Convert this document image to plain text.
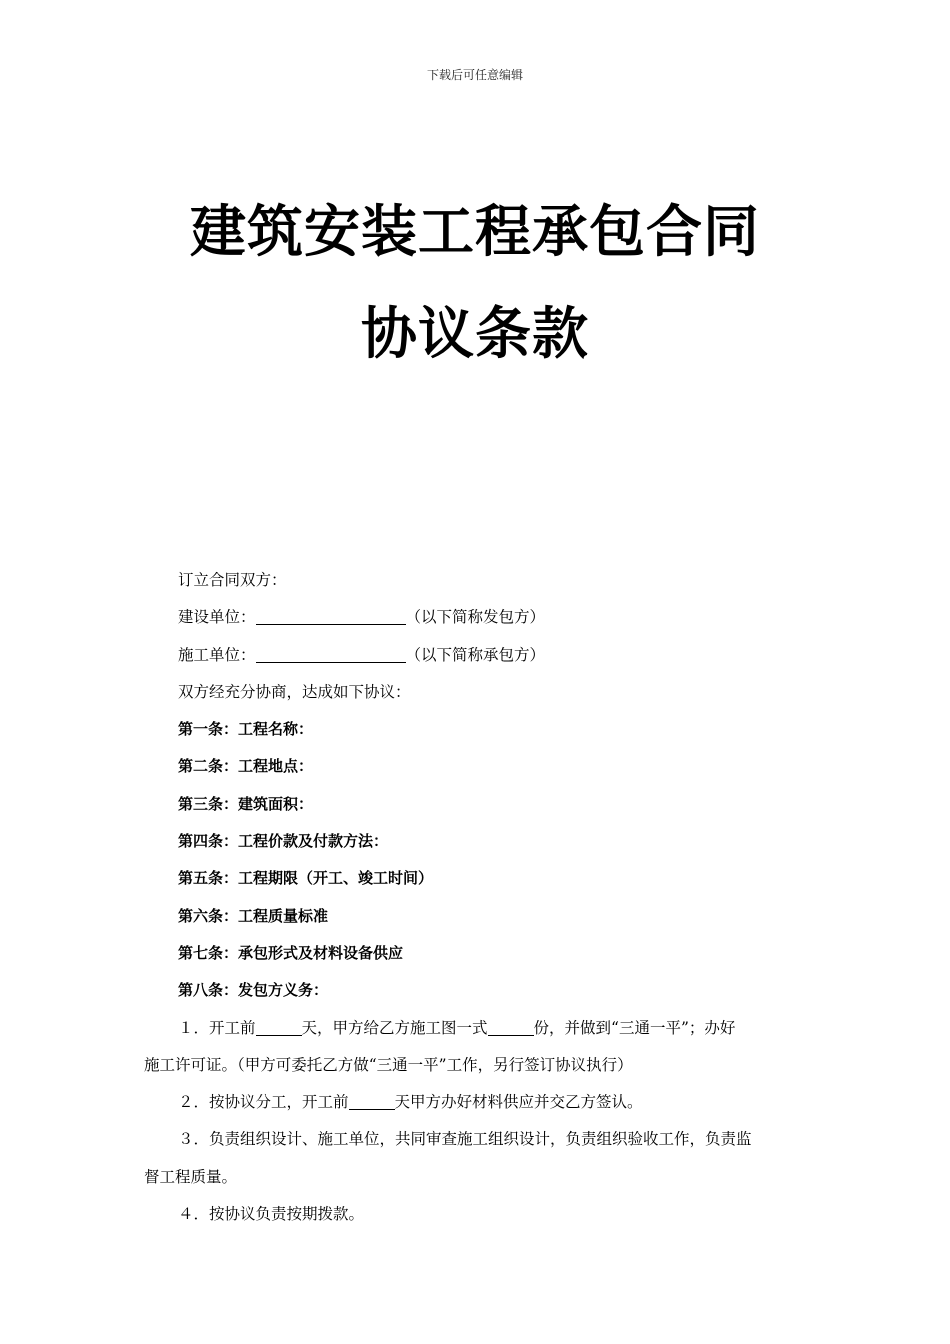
下载后可任意编辑
建筑安装工程承包合同
协议条款
订立合同双方：
建设单位：	（以下简称发包方）
施工单位：	（以下简称承包方）
双方经充分协商，达成如下协议：
第一条：工程名称：
第二条：工程地点：
第三条：建筑面积：
第四条：工程价款及付款方法：
第五条：工程期限（开工、竣工时间）
第六条：工程质量标准
第七条：承包形式及材料设备供应
第八条：发包方义务：
１．开工前	天，甲方给乙方施工图一式	份，并做到“三通一平”；办好
施工许可证。（甲方可委托乙方做“三通一平”工作，另行签订协议执行）
２．按协议分工，开工前	天甲方办好材料供应并交乙方签认。
３．负责组织设计、施工单位，共同审查施工组织设计，负责组织验收工作，负责监
督工程质量。
４．按协议负责按期拨款。
